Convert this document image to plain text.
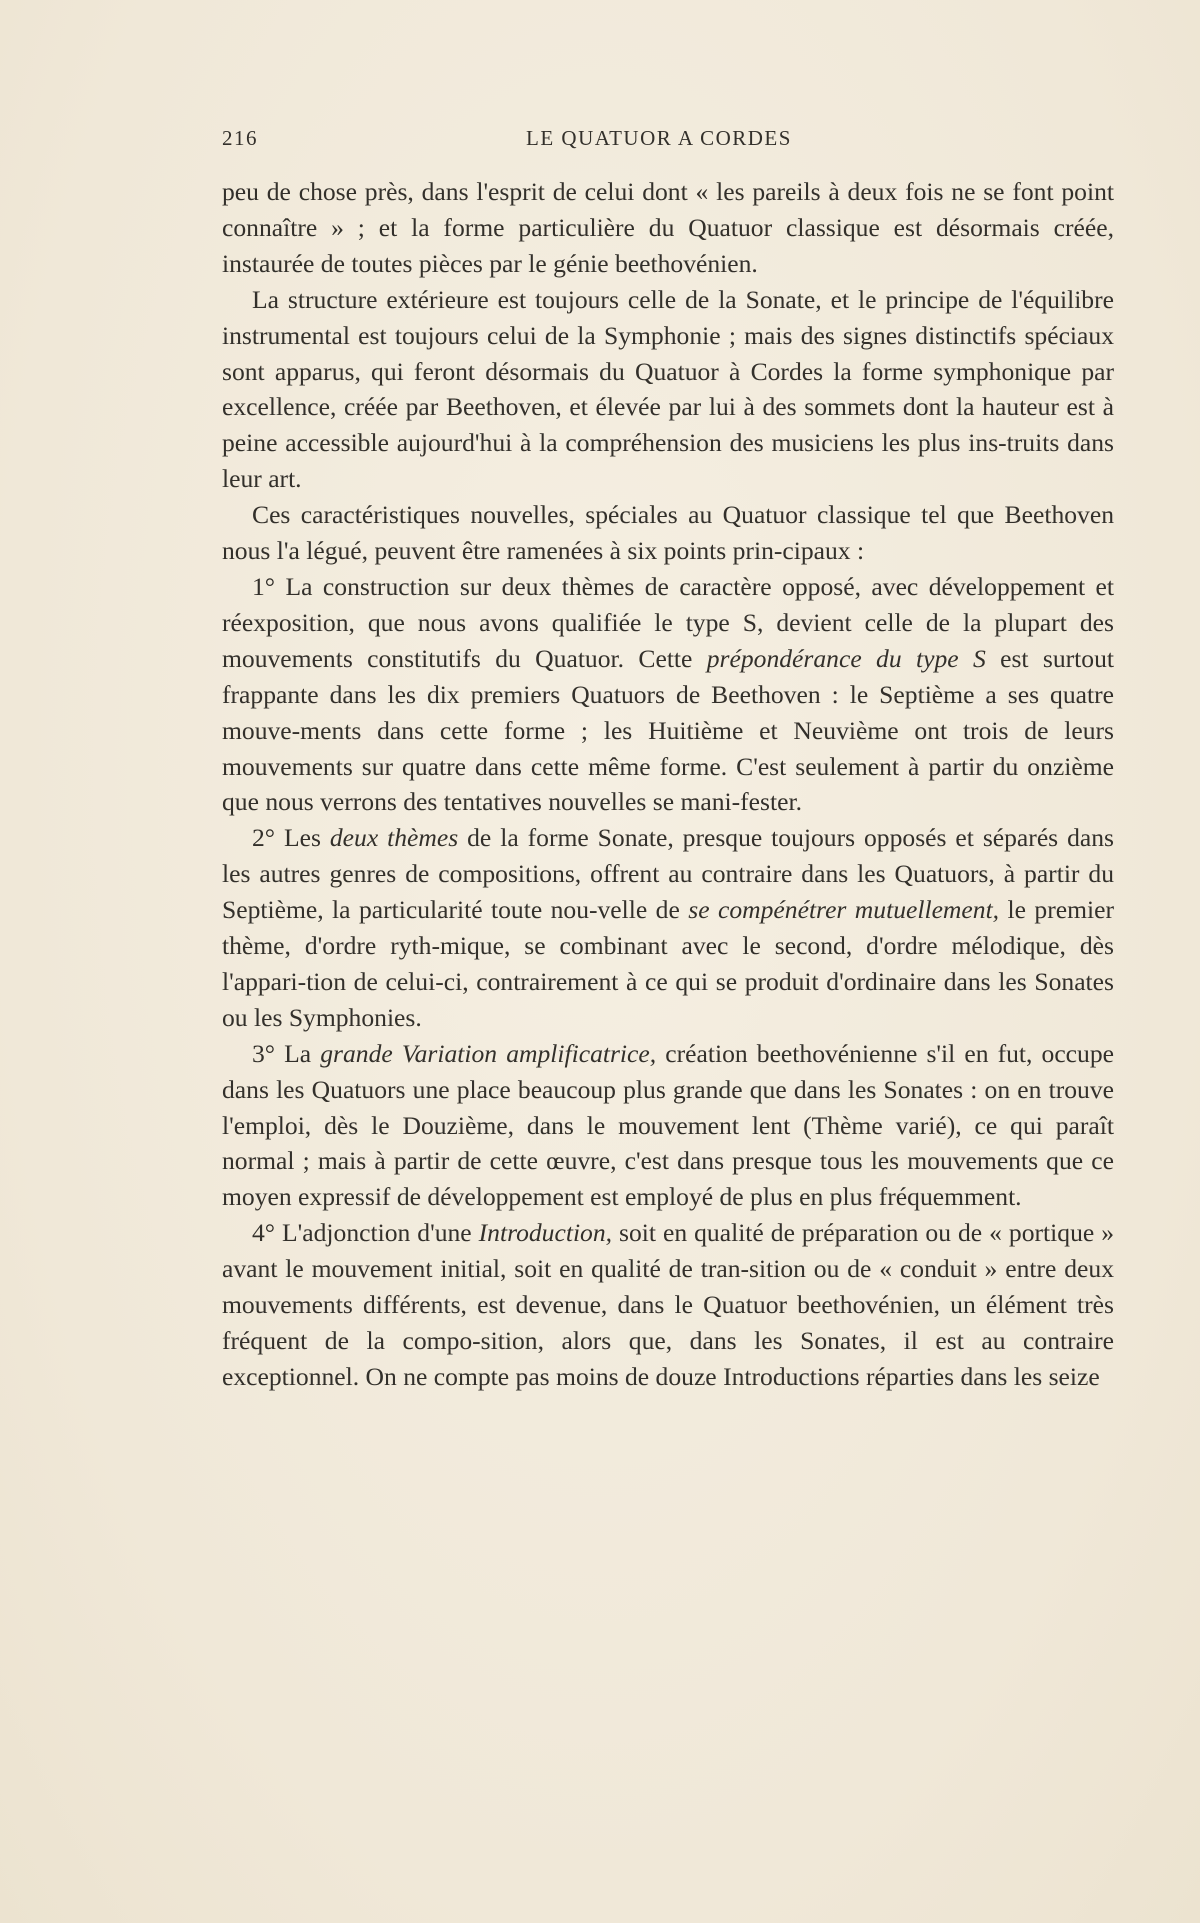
216	LE QUATUOR A CORDES

peu de chose près, dans l'esprit de celui dont « les pareils à deux fois ne se font point connaître » ; et la forme particulière du Quatuor classique est désormais créée, instaurée de toutes pièces par le génie beethovénien.

La structure extérieure est toujours celle de la Sonate, et le principe de l'équilibre instrumental est toujours celui de la Symphonie ; mais des signes distinctifs spéciaux sont apparus, qui feront désormais du Quatuor à Cordes la forme symphonique par excellence, créée par Beethoven, et élevée par lui à des sommets dont la hauteur est à peine accessible aujourd'hui à la compréhension des musiciens les plus ins-truits dans leur art.

Ces caractéristiques nouvelles, spéciales au Quatuor classique tel que Beethoven nous l'a légué, peuvent être ramenées à six points prin-cipaux :

1° La construction sur deux thèmes de caractère opposé, avec développement et réexposition, que nous avons qualifiée le type S, devient celle de la plupart des mouvements constitutifs du Quatuor. Cette prépondérance du type S est surtout frappante dans les dix premiers Quatuors de Beethoven : le Septième a ses quatre mouve-ments dans cette forme ; les Huitième et Neuvième ont trois de leurs mouvements sur quatre dans cette même forme. C'est seulement à partir du onzième que nous verrons des tentatives nouvelles se mani-fester.

2° Les deux thèmes de la forme Sonate, presque toujours opposés et séparés dans les autres genres de compositions, offrent au contraire dans les Quatuors, à partir du Septième, la particularité toute nou-velle de se compénétrer mutuellement, le premier thème, d'ordre ryth-mique, se combinant avec le second, d'ordre mélodique, dès l'appari-tion de celui-ci, contrairement à ce qui se produit d'ordinaire dans les Sonates ou les Symphonies.

3° La grande Variation amplificatrice, création beethovénienne s'il en fut, occupe dans les Quatuors une place beaucoup plus grande que dans les Sonates : on en trouve l'emploi, dès le Douzième, dans le mouvement lent (Thème varié), ce qui paraît normal ; mais à partir de cette œuvre, c'est dans presque tous les mouvements que ce moyen expressif de développement est employé de plus en plus fréquemment.

4° L'adjonction d'une Introduction, soit en qualité de préparation ou de « portique » avant le mouvement initial, soit en qualité de tran-sition ou de « conduit » entre deux mouvements différents, est devenue, dans le Quatuor beethovénien, un élément très fréquent de la compo-sition, alors que, dans les Sonates, il est au contraire exceptionnel. On ne compte pas moins de douze Introductions réparties dans les seize
